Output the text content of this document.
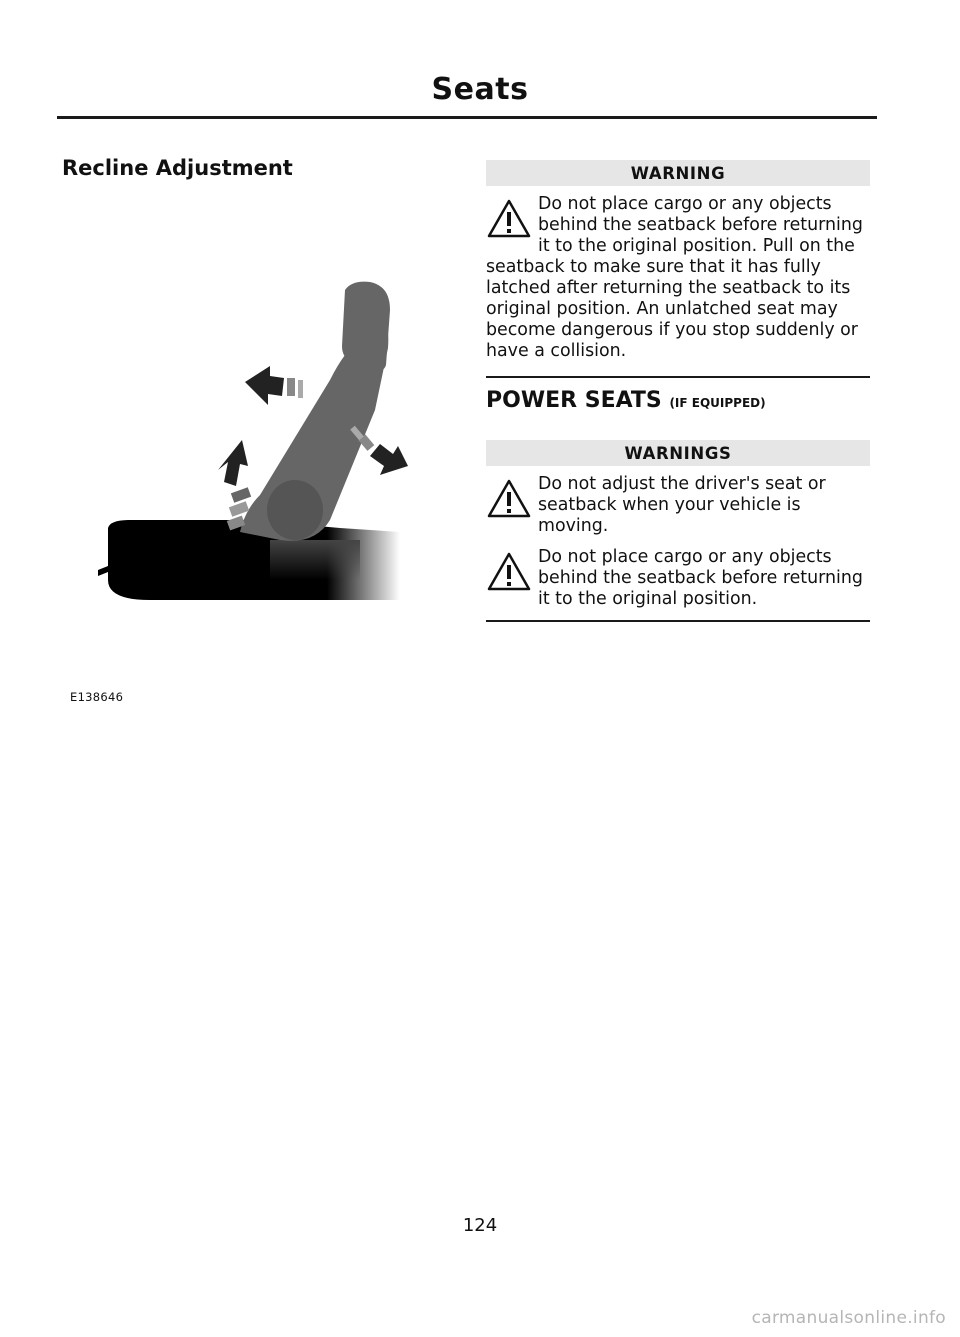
Seats
Recline Adjustment
E138646
WARNING

Do not place cargo or any objects behind the seatback before returning it to the original position. Pull on the seatback to make sure that it has fully latched after returning the seatback to its original position. An unlatched seat may become dangerous if you stop suddenly or have a collision.

POWER SEATS (IF EQUIPPED)
WARNINGS

Do not adjust the driver's seat or seatback when your vehicle is moving.

Do not place cargo or any objects behind the seatback before returning it to the original position.

124
carmanualsonline.info
